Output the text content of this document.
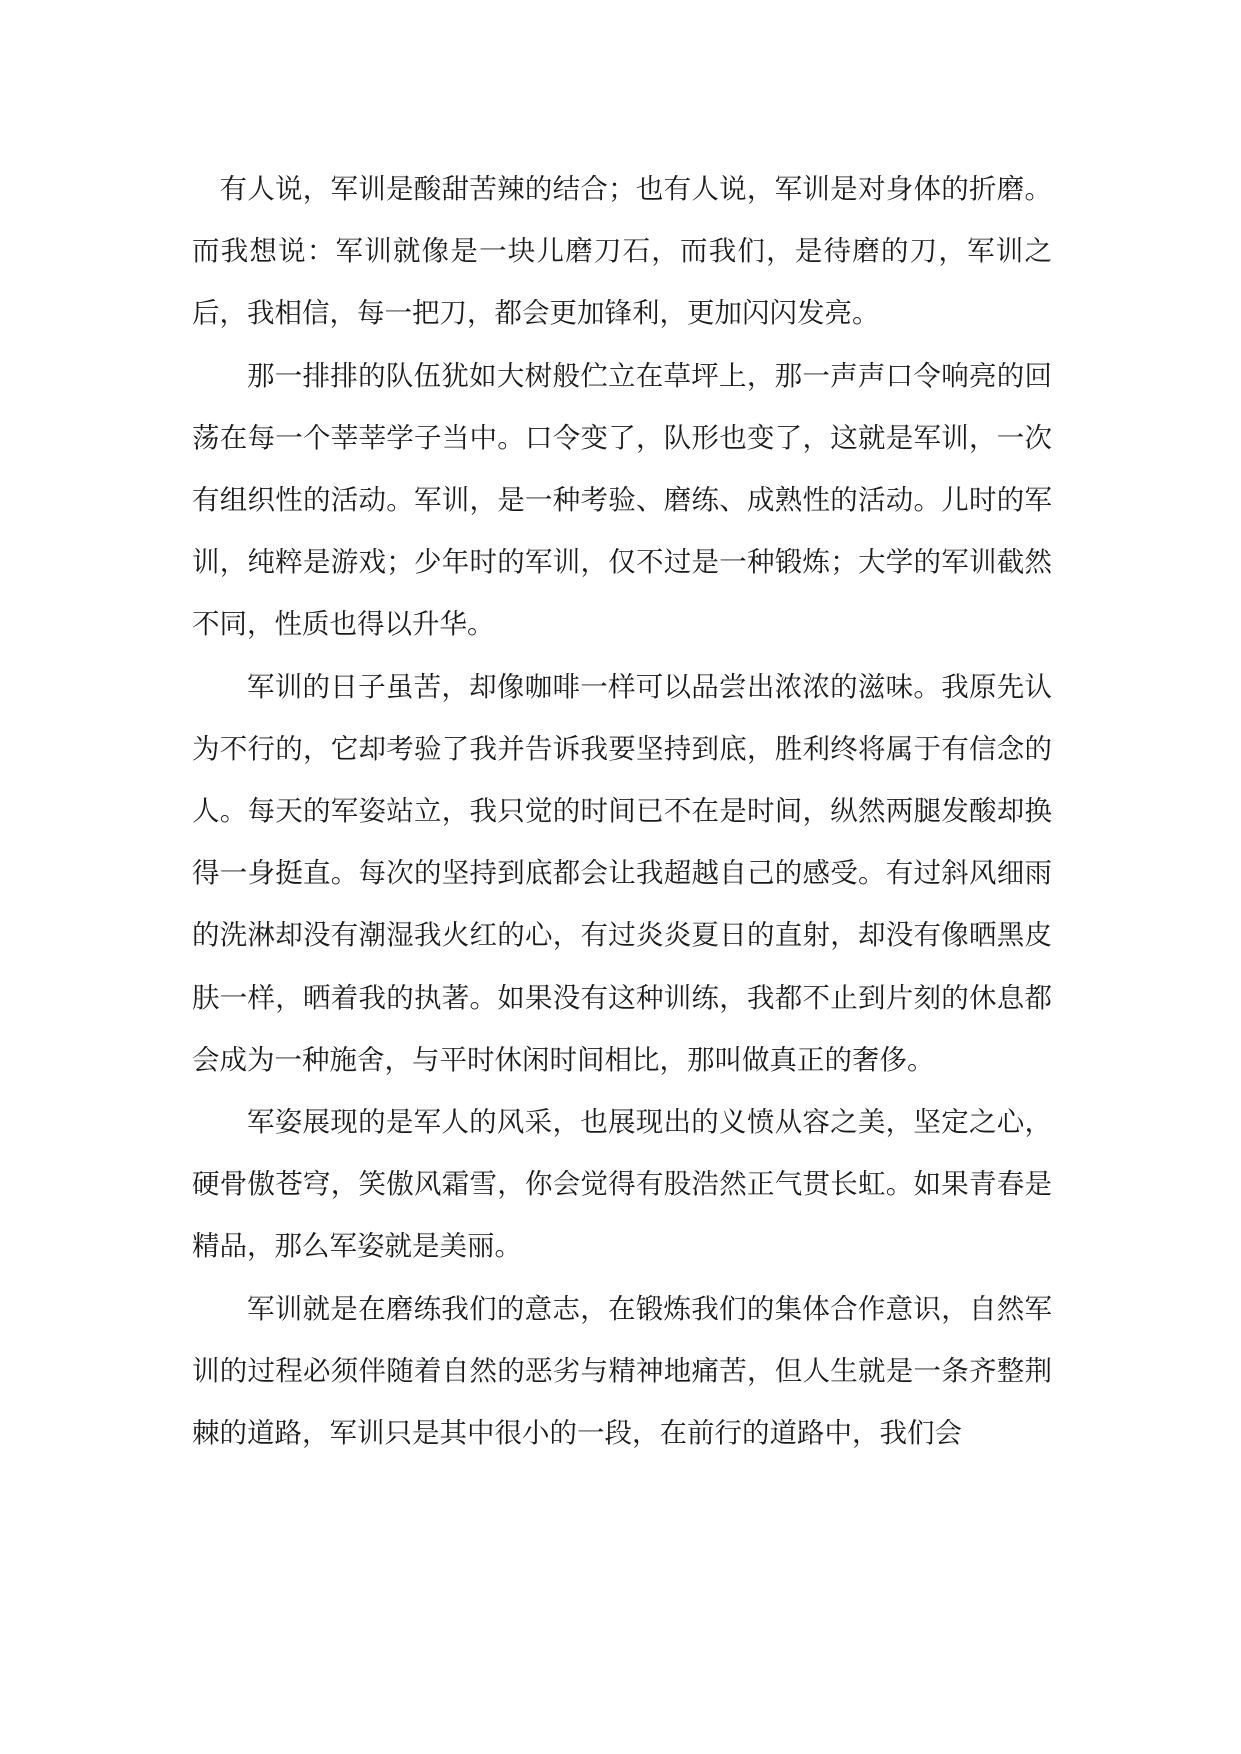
有人说，军训是酸甜苦辣的结合；也有人说，军训是对身体的折磨。而我想说：军训就像是一块儿磨刀石，而我们，是待磨的刀，军训之后，我相信，每一把刀，都会更加锋利，更加闪闪发亮。

那一排排的队伍犹如大树般伫立在草坪上，那一声声口令响亮的回荡在每一个莘莘学子当中。口令变了，队形也变了，这就是军训，一次有组织性的活动。军训，是一种考验、磨练、成熟性的活动。儿时的军训，纯粹是游戏；少年时的军训，仅不过是一种锻炼；大学的军训截然不同，性质也得以升华。

军训的日子虽苦，却像咖啡一样可以品尝出浓浓的滋味。我原先认为不行的，它却考验了我并告诉我要坚持到底，胜利终将属于有信念的人。每天的军姿站立，我只觉的时间已不在是时间，纵然两腿发酸却换得一身挺直。每次的坚持到底都会让我超越自己的感受。有过斜风细雨的洗淋却没有潮湿我火红的心，有过炎炎夏日的直射，却没有像晒黑皮肤一样，晒着我的执著。如果没有这种训练，我都不止到片刻的休息都会成为一种施舍，与平时休闲时间相比，那叫做真正的奢侈。

军姿展现的是军人的风采，也展现出的义愤从容之美，坚定之心，硬骨傲苍穹，笑傲风霜雪，你会觉得有股浩然正气贯长虹。如果青春是精品，那么军姿就是美丽。

军训就是在磨练我们的意志，在锻炼我们的集体合作意识，自然军训的过程必须伴随着自然的恶劣与精神地痛苦，但人生就是一条齐整荆棘的道路，军训只是其中很小的一段，在前行的道路中，我们会
